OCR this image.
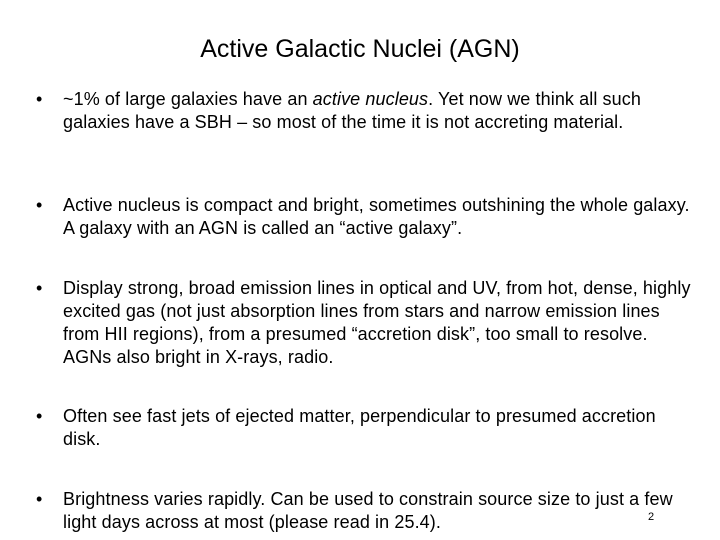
Active Galactic Nuclei (AGN)
• ~1% of large galaxies have an active nucleus. Yet now we think all such galaxies have a SBH – so most of the time it is not accreting material.
• Active nucleus is compact and bright, sometimes outshining the whole galaxy. A galaxy with an AGN is called an “active galaxy”.
• Display strong, broad emission lines in optical and UV, from hot, dense, highly excited gas (not just absorption lines from stars and narrow emission lines from HII regions), from a presumed “accretion disk”, too small to resolve. AGNs also bright in X-rays, radio.
• Often see fast jets of ejected matter, perpendicular to presumed accretion disk.
• Brightness varies rapidly. Can be used to constrain source size to just a few light days across at most (please read in 25.4).	2
